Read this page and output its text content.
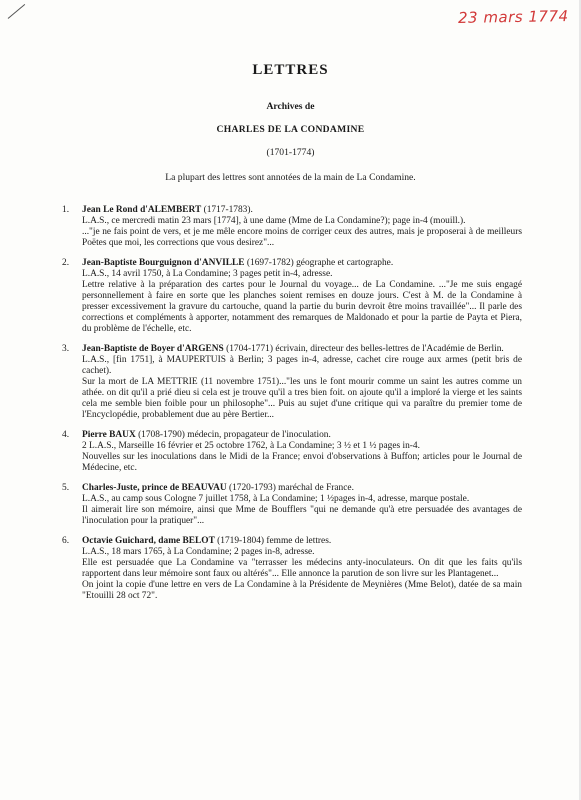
23 mars 1774
LETTRES
Archives de
CHARLES DE LA CONDAMINE
(1701-1774)
La plupart des lettres sont annotées de la main de La Condamine.
1. Jean Le Rond d'ALEMBERT (1717-1783).
L.A.S., ce mercredi matin 23 mars [1774], à une dame (Mme de La Condamine?); page in-4 (mouill.).
..."je ne fais point de vers, et je me mêle encore moins de corriger ceux des autres, mais je proposerai à de meilleurs Poëtes que moi, les corrections que vous desirez"...
2. Jean-Baptiste Bourguignon d'ANVILLE (1697-1782) géographe et cartographe.
L.A.S., 14 avril 1750, à La Condamine; 3 pages petit in-4, adresse.
Lettre relative à la préparation des cartes pour le Journal du voyage... de La Condamine. ..."Je me suis engagé personnellement à faire en sorte que les planches soient remises en douze jours. C'est à M. de la Condamine à presser excessivement la gravure du cartouche, quand la partie du burin devroit être moins travaillée"... Il parle des corrections et compléments à apporter, notamment des remarques de Maldonado et pour la partie de Payta et Piera, du problème de l'échelle, etc.
3. Jean-Baptiste de Boyer d'ARGENS (1704-1771) écrivain, directeur des belles-lettres de l'Académie de Berlin.
L.A.S., [fin 1751], à MAUPERTUIS à Berlin; 3 pages in-4, adresse, cachet cire rouge aux armes (petit bris de cachet).
Sur la mort de LA METTRIE (11 novembre 1751)..."les uns le font mourir comme un saint les autres comme un athée. on dit qu'il a prié dieu si cela est je trouve qu'il a tres bien foit. on ajoute qu'il a imploré la vierge et les saints cela me semble bien foible pour un philosophe"... Puis au sujet d'une critique qui va paraître du premier tome de l'Encyclopédie, probablement due au père Bertier...
4. Pierre BAUX (1708-1790) médecin, propagateur de l'inoculation.
2 L.A.S., Marseille 16 février et 25 octobre 1762, à La Condamine; 3 ½ et 1 ½ pages in-4.
Nouvelles sur les inoculations dans le Midi de la France; envoi d'observations à Buffon; articles pour le Journal de Médecine, etc.
5. Charles-Juste, prince de BEAUVAU (1720-1793) maréchal de France.
L.A.S., au camp sous Cologne 7 juillet 1758, à La Condamine; 1 ½pages in-4, adresse, marque postale.
Il aimerait lire son mémoire, ainsi que Mme de Boufflers "qui ne demande qu'à etre persuadée des avantages de l'inoculation pour la pratiquer"...
6. Octavie Guichard, dame BELOT (1719-1804) femme de lettres.
L.A.S., 18 mars 1765, à La Condamine; 2 pages in-8, adresse.
Elle est persuadée que La Condamine va "terrasser les médecins anty-inoculateurs. On dit que les faits qu'ils rapportent dans leur mémoire sont faux ou altérés"... Elle annonce la parution de son livre sur les Plantagenet...
On joint la copie d'une lettre en vers de La Condamine à la Présidente de Meynières (Mme Belot), datée de sa main "Etouilli 28 oct 72".
